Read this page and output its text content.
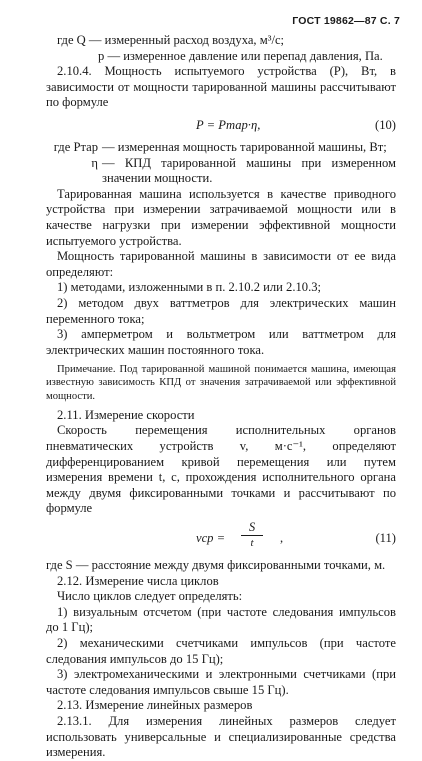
ГОСТ 19862—87 С. 7

где Q — измеренный расход воздуха, м³/с;

p — измеренное давление или перепад давления, Па.

2.10.4. Мощность испытуемого устройства (P), Вт, в зависимости от мощности тарированной машины рассчитывают по формуле

P = Pтар·η,	(10)
где Pтар — измеренная мощность тарированной машины, Вт;
η — КПД тарированной машины при измеренном значении мощности.

Тарированная машина используется в качестве приводного устройства при измерении затрачиваемой мощности или в качестве нагрузки при измерении эффективной мощности испытуемого устройства.

Мощность тарированной машины в зависимости от ее вида определяют:

1) методами, изложенными в п. 2.10.2 или 2.10.3;

2) методом двух ваттметров для электрических машин переменного тока;

3) амперметром и вольтметром или ваттметром для электрических машин постоянного тока.

Примечание. Под тарированной машиной понимается машина, имеющая известную зависимость КПД от значения затрачиваемой или эффективной мощности.

2.11. Измерение скорости

Скорость перемещения исполнительных органов пневматических устройств v, м·с⁻¹, определяют дифференцированием кривой перемещения или путем измерения времени t, с, прохождения исполнительного органа между двумя фиксированными точками и рассчитывают по формуле

vср = $\frac{S}{t}$ ,	(11)

где S — расстояние между двумя фиксированными точками, м.

2.12. Измерение числа циклов

Число циклов следует определять:

1) визуальным отсчетом (при частоте следования импульсов до 1 Гц);

2) механическими счетчиками импульсов (при частоте следования импульсов до 15 Гц);

3) электромеханическими и электронными счетчиками (при частоте следования импульсов свыше 15 Гц).

2.13. Измерение линейных размеров

2.13.1. Для измерения линейных размеров следует использовать универсальные и специализированные средства измерения.
